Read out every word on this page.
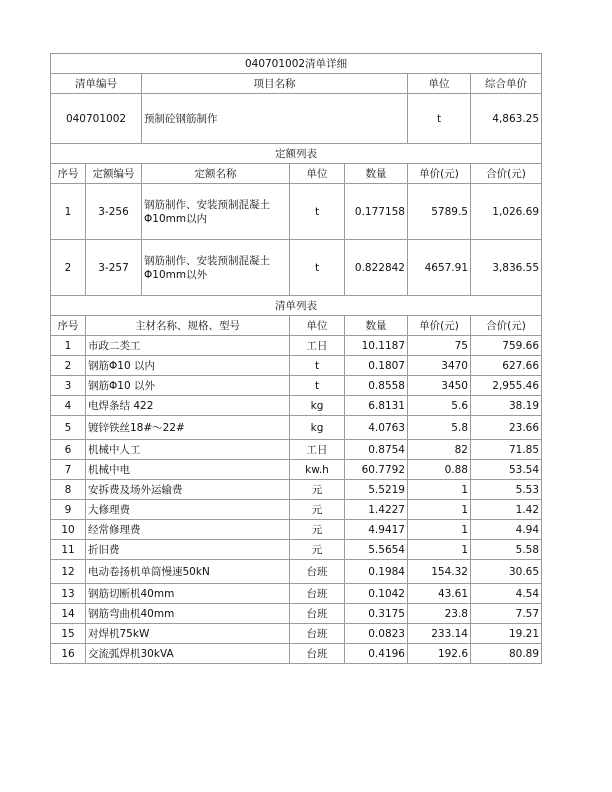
040701002清单详细						
清单编号		项目名称			单位	综合单价
040701002		预制砼钢筋制作			t	4,863.25
定额列表						
序号	定额编号	定额名称	单位	数量	单价(元)	合价(元)
1	3-256	钢筋制作、安装预制混凝土Φ10mm以内	t	0.177158	5789.5	1,026.69
2	3-257	钢筋制作、安装预制混凝土Φ10mm以外	t	0.822842	4657.91	3,836.55
清单列表						
序号	主材名称、规格、型号		单位	数量	单价(元)	合价(元)
1	市政二类工		工日	10.1187	75	759.66
2	钢筋Φ10 以内		t	0.1807	3470	627.66
3	钢筋Φ10 以外		t	0.8558	3450	2,955.46
4	电焊条结 422		kg	6.8131	5.6	38.19
5	镀锌铁丝18#～22#		kg	4.0763	5.8	23.66
6	机械中人工		工日	0.8754	82	71.85
7	机械中电		kw.h	60.7792	0.88	53.54
8	安拆费及场外运输费		元	5.5219	1	5.53
9	大修理费		元	1.4227	1	1.42
10	经常修理费		元	4.9417	1	4.94
11	折旧费		元	5.5654	1	5.58
12	电动卷扬机单筒慢速50kN		台班	0.1984	154.32	30.65
13	钢筋切断机40mm		台班	0.1042	43.61	4.54
14	钢筋弯曲机40mm		台班	0.3175	23.8	7.57
15	对焊机75kW		台班	0.0823	233.14	19.21
16	交流弧焊机30kVA		台班	0.4196	192.6	80.89
